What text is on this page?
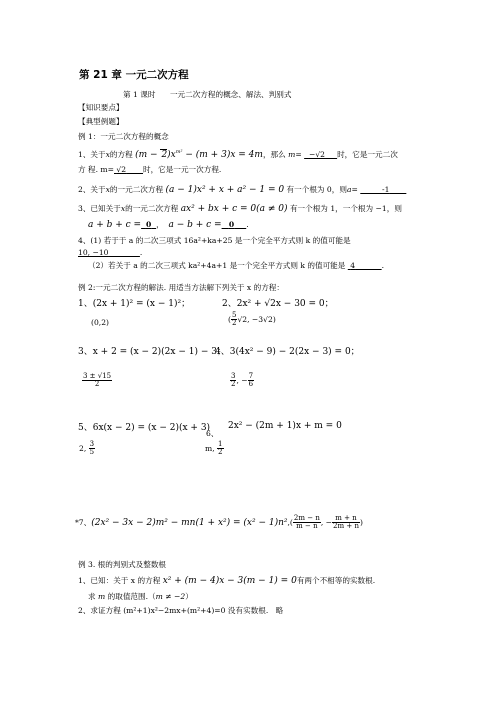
第 21 章 一元二次方程
第 1 课时 一元二次方程的概念、解法、判别式
【知识要点】
【典型例题】
例 1：一元二次方程的概念
1、关于x的方程 $(m - 2)x^{m^2} - (m + 3)x = 4m$，那么 m= −√2 时，它是一元二次
方 程. m= √2 时，它是一元一次方程.
2、关于x的一元二次方程 (a − 1)x² + x + a² − 1 = 0 有一个根为 0，则a=	-1
3、已知关于x的一元二次方程 ax² + bx + c = 0(a ≠ 0) 有一个根为 1，一个根为 −1，则
a + b + c = 0 ， a − b + c = 0 .
4、(1) 若于于 a 的二次三项式 16a²+ka+25 是一个完全平方式则 k 的值可能是
10, −10	.
（2）若关于 a 的二次三项式 ka²+4a+1 是一个完全平方式则 k 的值可能是 4	.
例 2:一元二次方程的解法. 用适当方法解下列关于 x 的方程：
1、(2x + 1)² = (x − 1)²；	2、2x² + √2x − 30 = 0；
(0,2)	( $\frac{5}{2} √2$, −3√2)
3、x + 2 = (x − 2)(2x − 1) − 3；
4、3(4x² − 9) − 2(2x − 3) = 0；
$\frac{3 \pm √15}{2}$	$\frac{3}{2}$ , − $\frac{7}{6}$
5、6x(x − 2) = (x − 2)(x + 3)
6、
2x² − (2m + 1)x + m = 0
2, $\frac{3}{5}$	m, $\frac{1}{2}$
*7、$(2x^2 - 3x - 2)m^2 - mn(1 + x^2) = (x^2 - 1)n^2,( \frac{2m - n}{m - n}$ , − $\frac{m + n}{2m + n}$ )
例 3. 根的判别式及整数根
1、已知：关于 x 的方程 x² + (m − 4)x − 3(m − 1) = 0有两个不相等的实数根.
求 m 的取值范围.（m ≠ −2）
2、求证方程 (m²+1)x²−2mx+(m²+4)=0 没有实数根. 略
